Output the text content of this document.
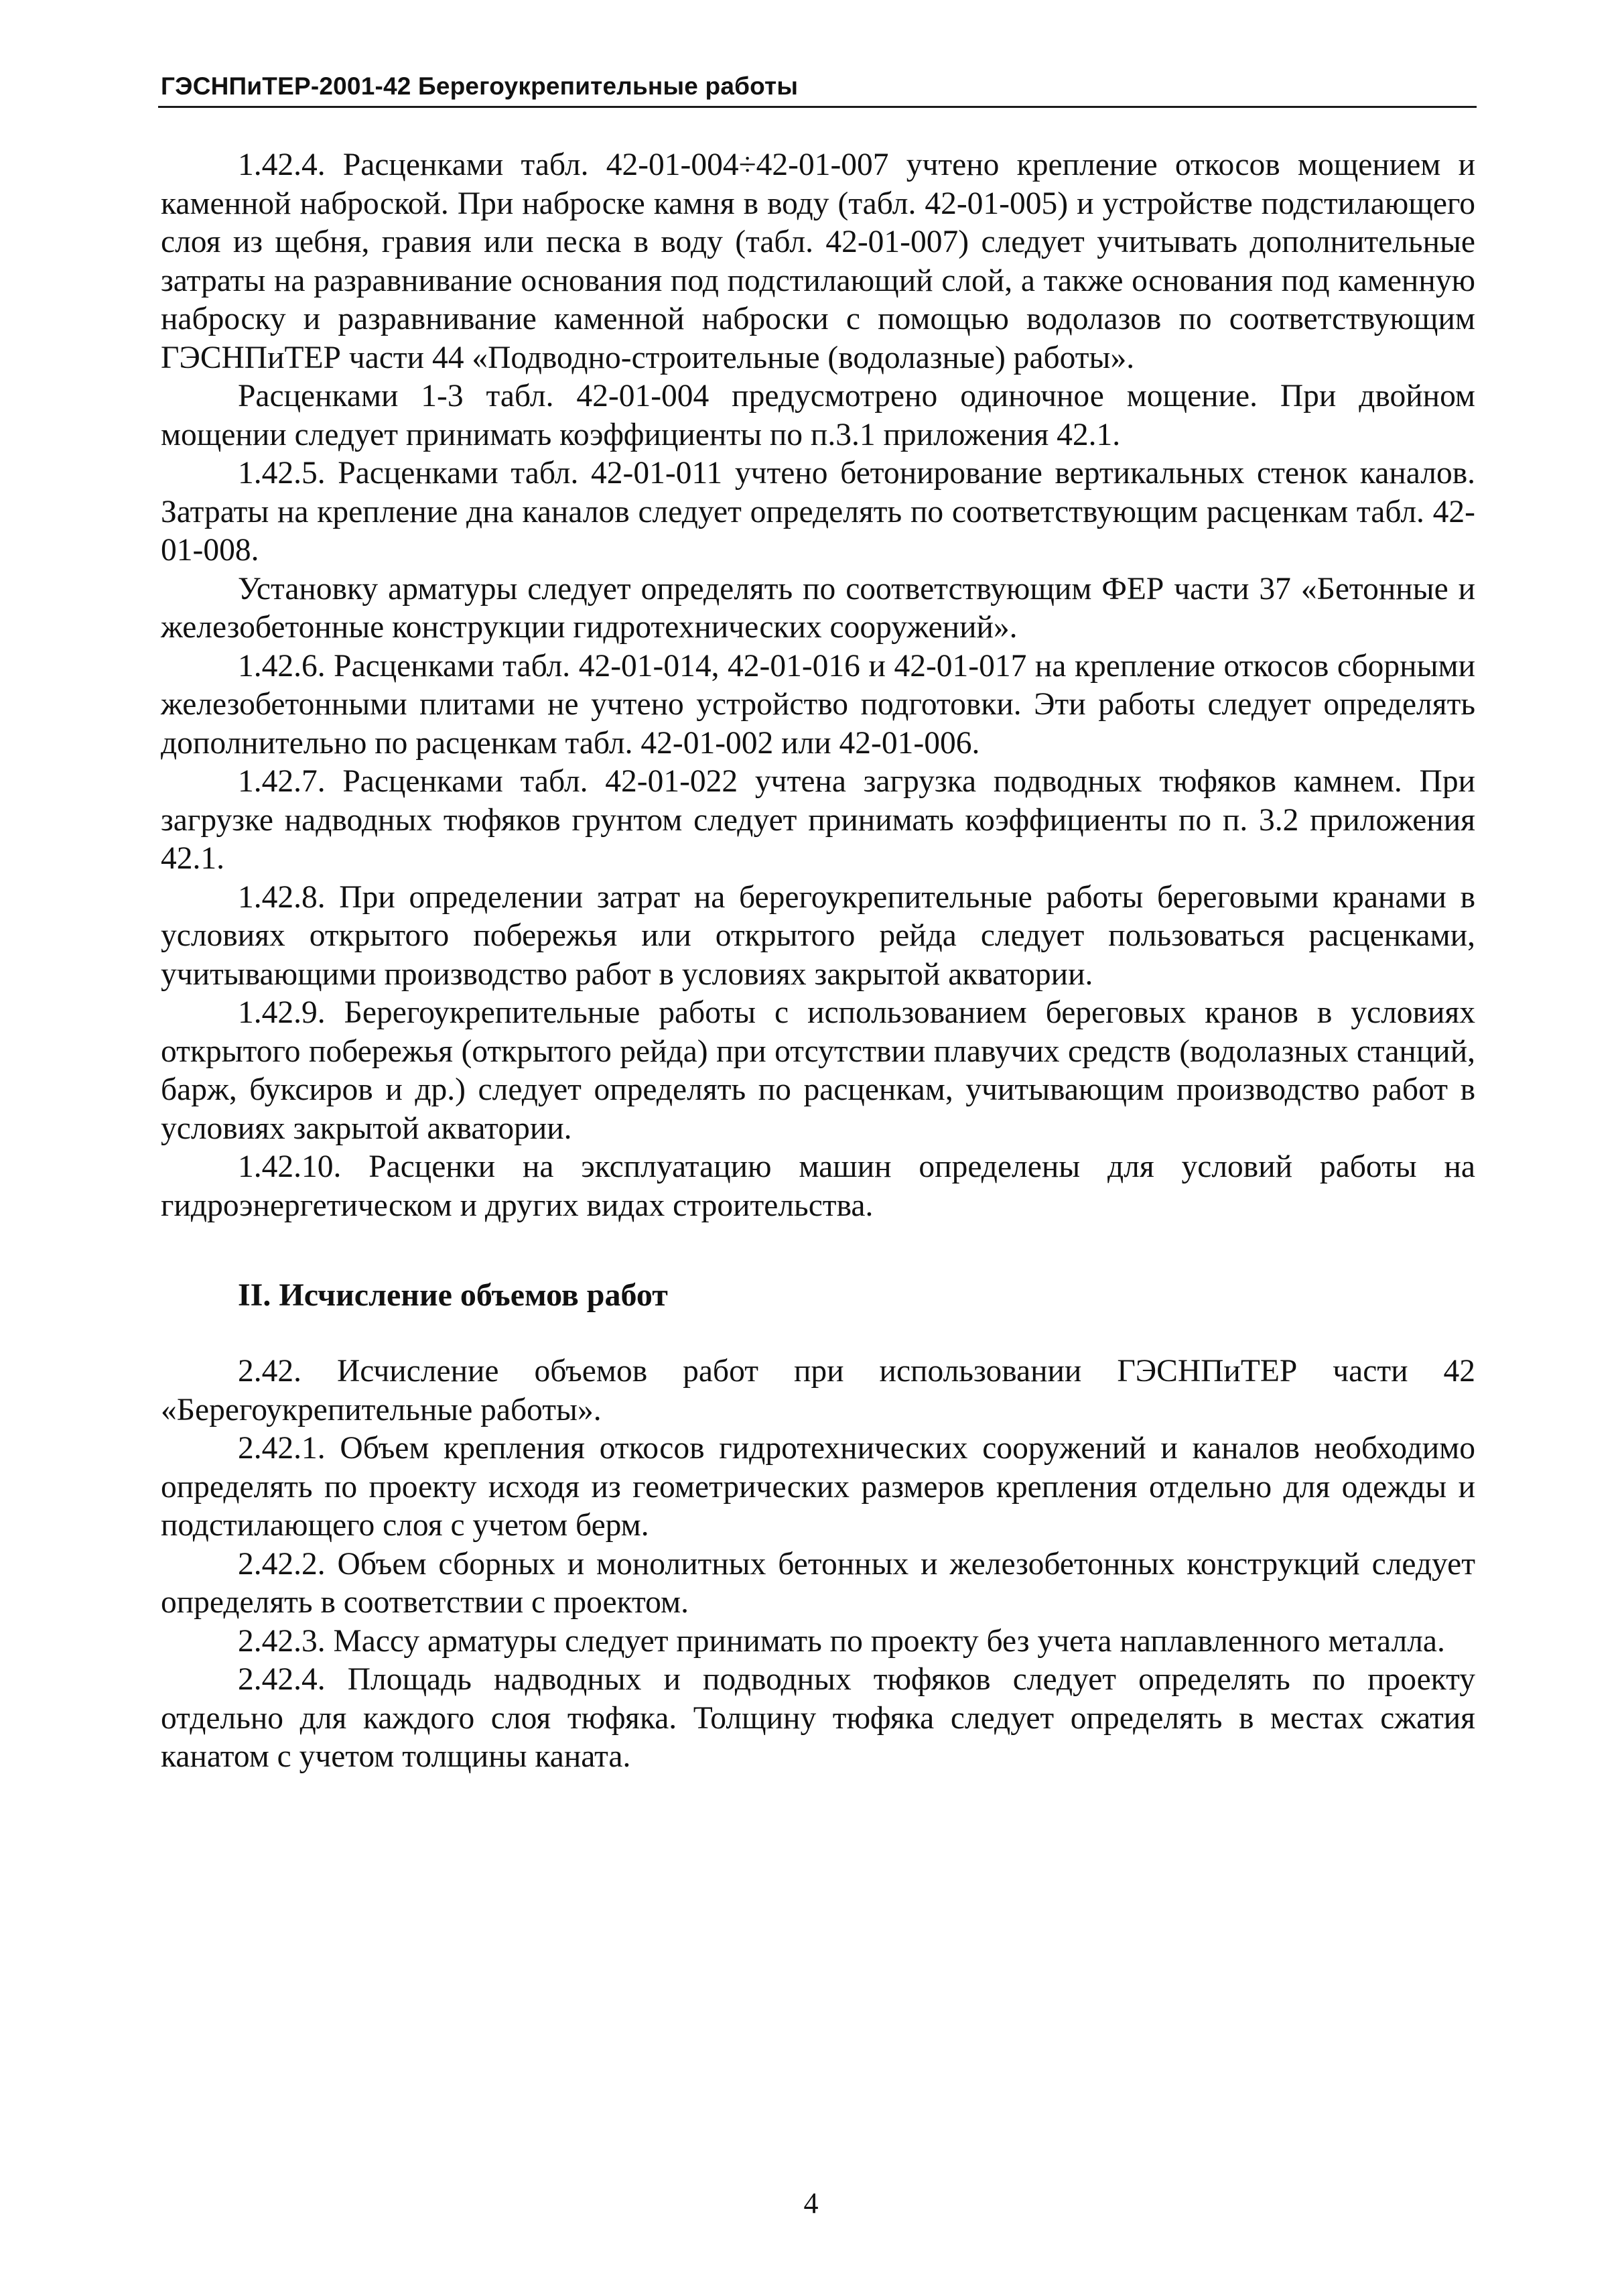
ГЭСНПиТЕР-2001-42 Берегоукрепительные работы

1.42.4. Расценками табл. 42-01-004÷42-01-007 учтено крепление откосов мощением и каменной наброской. При наброске камня в воду (табл. 42-01-005) и устройстве подстилающего слоя из щебня, гравия или песка в воду (табл. 42-01-007) следует учитывать дополнительные затраты на разравнивание основания под подстилающий слой, а также основания под каменную наброску и разравнивание каменной наброски с помощью водолазов по соответствующим ГЭСНПиТЕР части 44 «Подводно-строительные (водолазные) работы».

Расценками 1-3 табл. 42-01-004 предусмотрено одиночное мощение. При двойном мощении следует принимать коэффициенты по п.3.1 приложения 42.1.

1.42.5. Расценками табл. 42-01-011 учтено бетонирование вертикальных стенок каналов. Затраты на крепление дна каналов следует определять по соответствующим расценкам табл. 42-01-008.

Установку арматуры следует определять по соответствующим ФЕР части 37 «Бетонные и железобетонные конструкции гидротехнических сооружений».

1.42.6. Расценками табл. 42-01-014, 42-01-016 и 42-01-017 на крепление откосов сборными железобетонными плитами не учтено устройство подготовки. Эти работы следует определять дополнительно по расценкам табл. 42-01-002 или 42-01-006.

1.42.7. Расценками табл. 42-01-022 учтена загрузка подводных тюфяков камнем. При загрузке надводных тюфяков грунтом следует принимать коэффициенты по п. 3.2 приложения 42.1.

1.42.8. При определении затрат на берегоукрепительные работы береговыми кранами в условиях открытого побережья или открытого рейда следует пользоваться расценками, учитывающими производство работ в условиях закрытой акватории.

1.42.9. Берегоукрепительные работы с использованием береговых кранов в условиях открытого побережья (открытого рейда) при отсутствии плавучих средств (водолазных станций, барж, буксиров и др.) следует определять по расценкам, учитывающим производство работ в условиях закрытой акватории.

1.42.10. Расценки на эксплуатацию машин определены для условий работы на гидроэнергетическом и других видах строительства.

II. Исчисление объемов работ

2.42. Исчисление объемов работ при использовании ГЭСНПиТЕР части 42 «Берегоукрепительные работы».

2.42.1. Объем крепления откосов гидротехнических сооружений и каналов необходимо определять по проекту исходя из геометрических размеров крепления отдельно для одежды и подстилающего слоя с учетом берм.

2.42.2. Объем сборных и монолитных бетонных и железобетонных конструкций следует определять в соответствии с проектом.

2.42.3. Массу арматуры следует принимать по проекту без учета наплавленного металла.

2.42.4. Площадь надводных и подводных тюфяков следует определять по проекту отдельно для каждого слоя тюфяка. Толщину тюфяка следует определять в местах сжатия канатом с учетом толщины каната.

4
